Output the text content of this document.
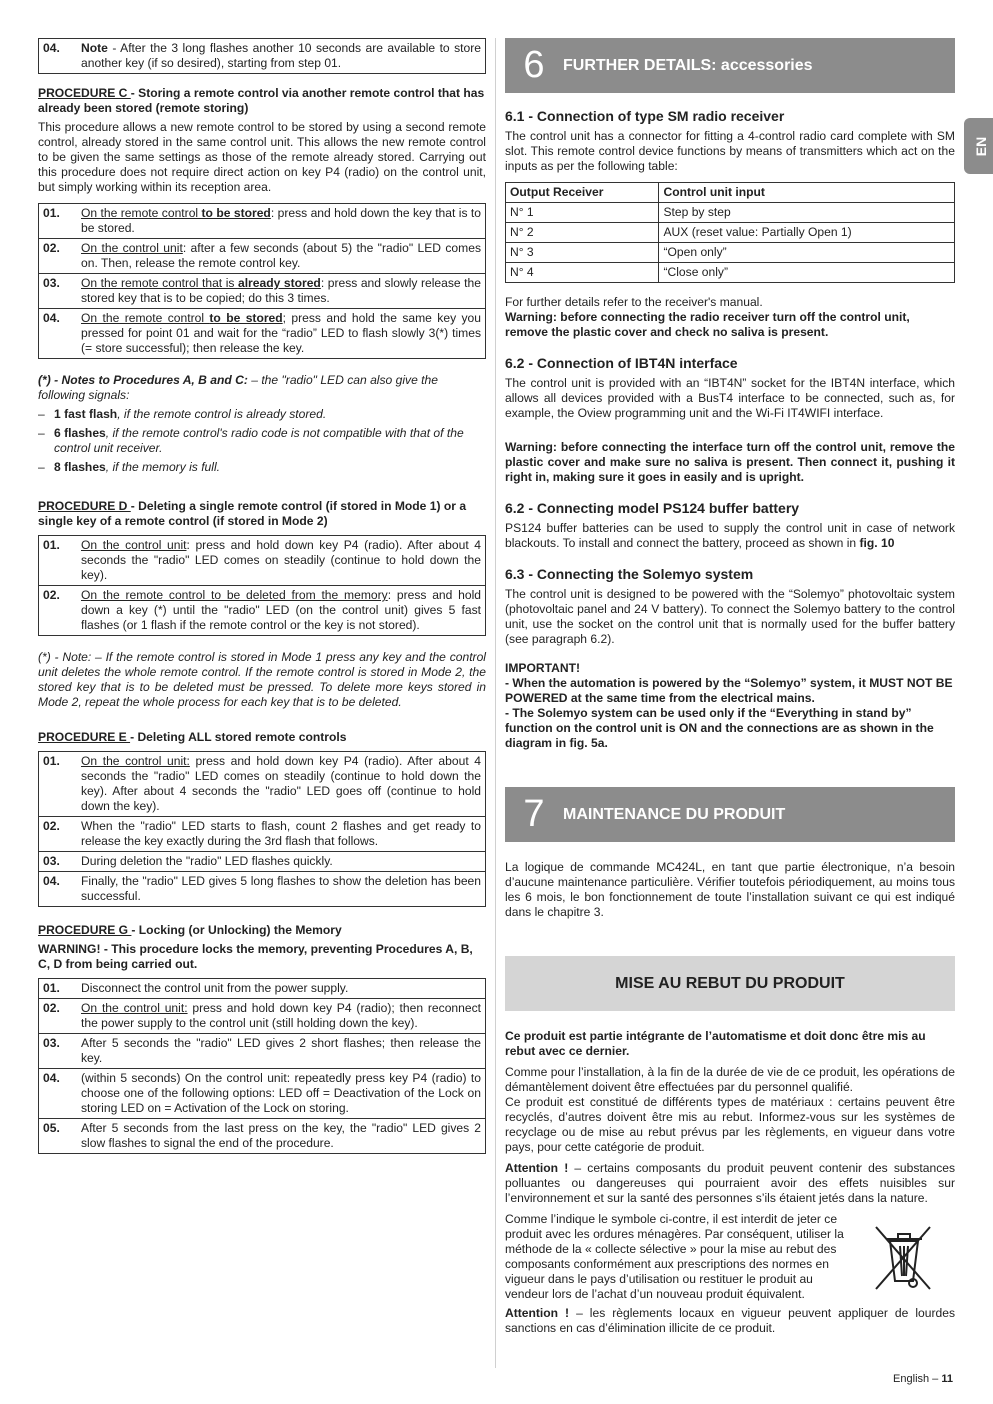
04.	Note - After the 3 long flashes another 10 seconds are available to store another key (if so desired), starting from step 01.

PROCEDURE C - Storing a remote control via another remote control that has already been stored (remote storing)

This procedure allows a new remote control to be stored by using a second remote control, already stored in the same control unit. This allows the new remote control to be given the same settings as those of the remote already stored. Carrying out this procedure does not require direct action on key P4 (radio) on the control unit, but simply working within its reception area.

01.	On the remote control to be stored: press and hold down the key that is to be stored.
02.	On the control unit: after a few seconds (about 5) the "radio" LED comes on. Then, release the remote control key.
03.	On the remote control that is already stored: press and slowly release the stored key that is to be copied; do this 3 times.
04.	On the remote control to be stored; press and hold the same key you pressed for point 01 and wait for the “radio” LED to flash slowly 3(*) times (= store successful); then release the key.

(*) - Notes to Procedures A, B and C: – the "radio" LED can also give the following signals:

– 1 fast flash, if the remote control is already stored.
– 6 flashes, if the remote control's radio code is not compatible with that of the control unit receiver.
– 8 flashes, if the memory is full.

PROCEDURE D - Deleting a single remote control (if stored in Mode 1) or a single key of a remote control (if stored in Mode 2)

01.	On the control unit: press and hold down key P4 (radio). After about 4 seconds the "radio" LED comes on steadily (continue to hold down the key).
02.	On the remote control to be deleted from the memory: press and hold down a key (*) until the "radio" LED (on the control unit) gives 5 fast flashes (or 1 flash if the remote control or the key is not stored).

(*) - Note: – If the remote control is stored in Mode 1 press any key and the control unit deletes the whole remote control. If the remote control is stored in Mode 2, the stored key that is to be deleted must be pressed. To delete more keys stored in Mode 2, repeat the whole process for each key that is to be deleted.

PROCEDURE E - Deleting ALL stored remote controls

01.	On the control unit: press and hold down key P4 (radio). After about 4 seconds the "radio" LED comes on steadily (continue to hold down the key). After about 4 seconds the "radio" LED goes off (continue to hold down the key).
02.	When the "radio" LED starts to flash, count 2 flashes and get ready to release the key exactly during the 3rd flash that follows.
03.	During deletion the "radio" LED flashes quickly.
04.	Finally, the "radio" LED gives 5 long flashes to show the deletion has been successful.

PROCEDURE G - Locking (or Unlocking) the Memory

WARNING! - This procedure locks the memory, preventing Procedures A, B, C, D from being carried out.

01.	Disconnect the control unit from the power supply.
02.	On the control unit: press and hold down key P4 (radio); then reconnect the power supply to the control unit (still holding down the key).
03.	After 5 seconds the "radio" LED gives 2 short flashes; then release the key.
04.	(within 5 seconds) On the control unit: repeatedly press key P4 (radio) to choose one of the following options: LED off = Deactivation of the Lock on storing LED on = Activation of the Lock on storing.
05.	After 5 seconds from the last press on the key, the "radio" LED gives 2 slow flashes to signal the end of the procedure.
6	FURTHER DETAILS: accessories

6.1 - Connection of type SM radio receiver

The control unit has a connector for fitting a 4-control radio card complete with SM slot. This remote control device functions by means of transmitters which act on the inputs as per the following table:

Output Receiver	Control unit input
N° 1	Step by step
N° 2	AUX (reset value: Partially Open 1)
N° 3	“Open only”
N° 4	“Close only”

For further details refer to the receiver's manual.

Warning: before connecting the radio receiver turn off the control unit, remove the plastic cover and check no saliva is present.

6.2 - Connection of IBT4N interface

The control unit is provided with an “IBT4N” socket for the IBT4N interface, which allows all devices provided with a BusT4 interface to be connected, such as, for example, the Oview programming unit and the Wi-Fi IT4WIFI interface.

Warning: before connecting the interface turn off the control unit, remove the plastic cover and make sure no saliva is present. Then connect it, pushing it right in, making sure it goes in easily and is upright.

6.2 - Connecting model PS124 buffer battery

PS124 buffer batteries can be used to supply the control unit in case of network blackouts. To install and connect the battery, proceed as shown in fig. 10

6.3 - Connecting the Solemyo system

The control unit is designed to be powered with the “Solemyo” photovoltaic system (photovoltaic panel and 24 V battery). To connect the Solemyo battery to the control unit, use the socket on the control unit that is normally used for the buffer battery (see paragraph 6.2).

IMPORTANT!

- When the automation is powered by the “Solemyo” system, it MUST NOT BE POWERED at the same time from the electrical mains.

- The Solemyo system can be used only if the “Everything in stand by” function on the control unit is ON and the connections are as shown in the diagram in fig. 5a.

7	MAINTENANCE DU PRODUIT

La logique de commande MC424L, en tant que partie électronique, n’a besoin d’aucune maintenance particulière. Vérifier toutefois périodiquement, au moins tous les 6 mois, le bon fonctionnement de toute l’installation suivant ce qui est indiqué dans le chapitre 3.

MISE AU REBUT DU PRODUIT

Ce produit est partie intégrante de l’automatisme et doit donc être mis au rebut avec ce dernier.

Comme pour l’installation, à la fin de la durée de vie de ce produit, les opérations de démantèlement doivent être effectuées par du personnel qualifié.

Ce produit est constitué de différents types de matériaux : certains peuvent être recyclés, d’autres doivent être mis au rebut. Informez-vous sur les systèmes de recyclage ou de mise au rebut prévus par les règlements, en vigueur dans votre pays, pour cette catégorie de produit.

Attention ! – certains composants du produit peuvent contenir des substances polluantes ou dangereuses qui pourraient avoir des effets nuisibles sur l’environnement et sur la santé des personnes s’ils étaient jetés dans la nature.

Comme l’indique le symbole ci-contre, il est interdit de jeter ce produit avec les ordures ménagères. Par conséquent, utiliser la méthode de la « collecte sélective » pour la mise au rebut des composants conformément aux prescriptions des normes en vigueur dans le pays d’utilisation ou restituer le produit au vendeur lors de l’achat d’un nouveau produit équivalent.

Attention ! – les règlements locaux en vigueur peuvent appliquer de lourdes sanctions en cas d’élimination illicite de ce produit.

EN
English – 11
